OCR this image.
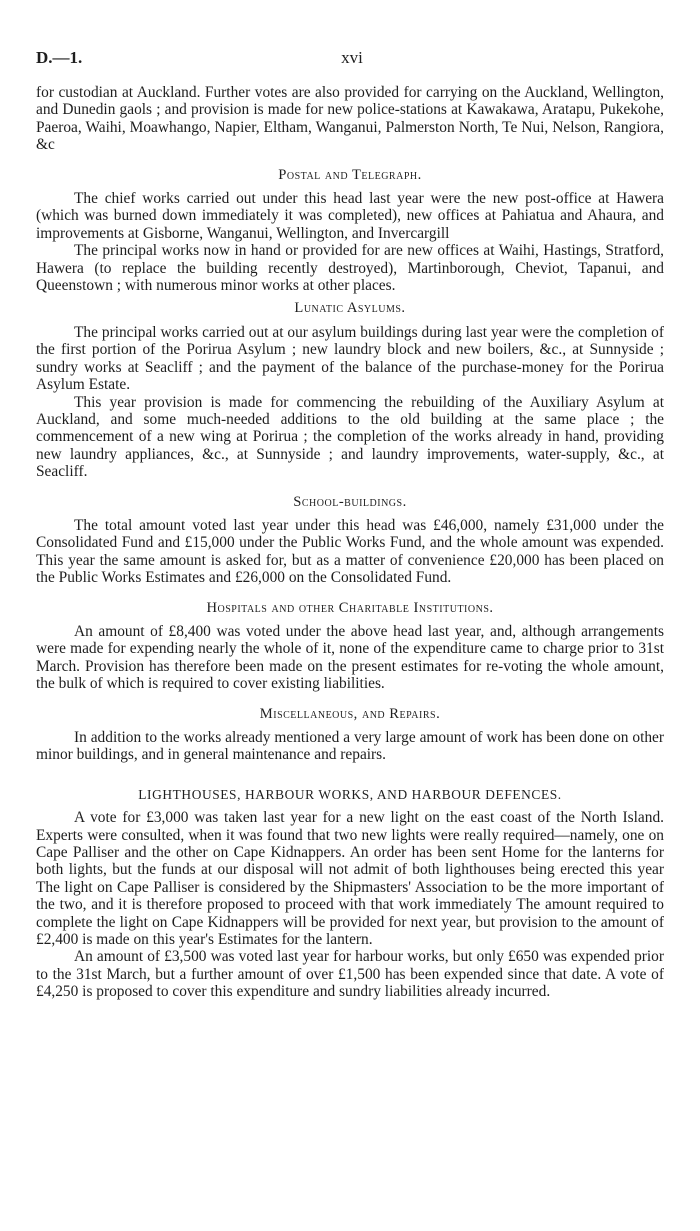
D.—1.	xvi

for custodian at Auckland. Further votes are also provided for carrying on the Auckland, Wellington, and Dunedin gaols ; and provision is made for new police-stations at Kawakawa, Aratapu, Pukekohe, Paeroa, Waihi, Moawhango, Napier, Eltham, Wanganui, Palmerston North, Te Nui, Nelson, Rangiora, &c

Postal and Telegraph.

The chief works carried out under this head last year were the new post-office at Hawera (which was burned down immediately it was completed), new offices at Pahiatua and Ahaura, and improvements at Gisborne, Wanganui, Wellington, and Invercargill

The principal works now in hand or provided for are new offices at Waihi, Hastings, Stratford, Hawera (to replace the building recently destroyed), Martinborough, Cheviot, Tapanui, and Queenstown ; with numerous minor works at other places.

Lunatic Asylums.

The principal works carried out at our asylum buildings during last year were the completion of the first portion of the Porirua Asylum ; new laundry block and new boilers, &c., at Sunnyside ; sundry works at Seacliff ; and the payment of the balance of the purchase-money for the Porirua Asylum Estate.

This year provision is made for commencing the rebuilding of the Auxiliary Asylum at Auckland, and some much-needed additions to the old building at the same place ; the commencement of a new wing at Porirua ; the completion of the works already in hand, providing new laundry appliances, &c., at Sunnyside ; and laundry improvements, water-supply, &c., at Seacliff.

School-buildings.

The total amount voted last year under this head was £46,000, namely £31,000 under the Consolidated Fund and £15,000 under the Public Works Fund, and the whole amount was expended. This year the same amount is asked for, but as a matter of convenience £20,000 has been placed on the Public Works Estimates and £26,000 on the Consolidated Fund.

Hospitals and other Charitable Institutions.

An amount of £8,400 was voted under the above head last year, and, although arrangements were made for expending nearly the whole of it, none of the expenditure came to charge prior to 31st March. Provision has therefore been made on the present estimates for re-voting the whole amount, the bulk of which is required to cover existing liabilities.

Miscellaneous, and Repairs.

In addition to the works already mentioned a very large amount of work has been done on other minor buildings, and in general maintenance and repairs.

LIGHTHOUSES, HARBOUR WORKS, AND HARBOUR DEFENCES.

A vote for £3,000 was taken last year for a new light on the east coast of the North Island. Experts were consulted, when it was found that two new lights were really required—namely, one on Cape Palliser and the other on Cape Kidnappers. An order has been sent Home for the lanterns for both lights, but the funds at our disposal will not admit of both lighthouses being erected this year The light on Cape Palliser is considered by the Shipmasters' Association to be the more important of the two, and it is therefore proposed to proceed with that work immediately The amount required to complete the light on Cape Kidnappers will be provided for next year, but provision to the amount of £2,400 is made on this year's Estimates for the lantern.

An amount of £3,500 was voted last year for harbour works, but only £650 was expended prior to the 31st March, but a further amount of over £1,500 has been expended since that date. A vote of £4,250 is proposed to cover this expenditure and sundry liabilities already incurred.
